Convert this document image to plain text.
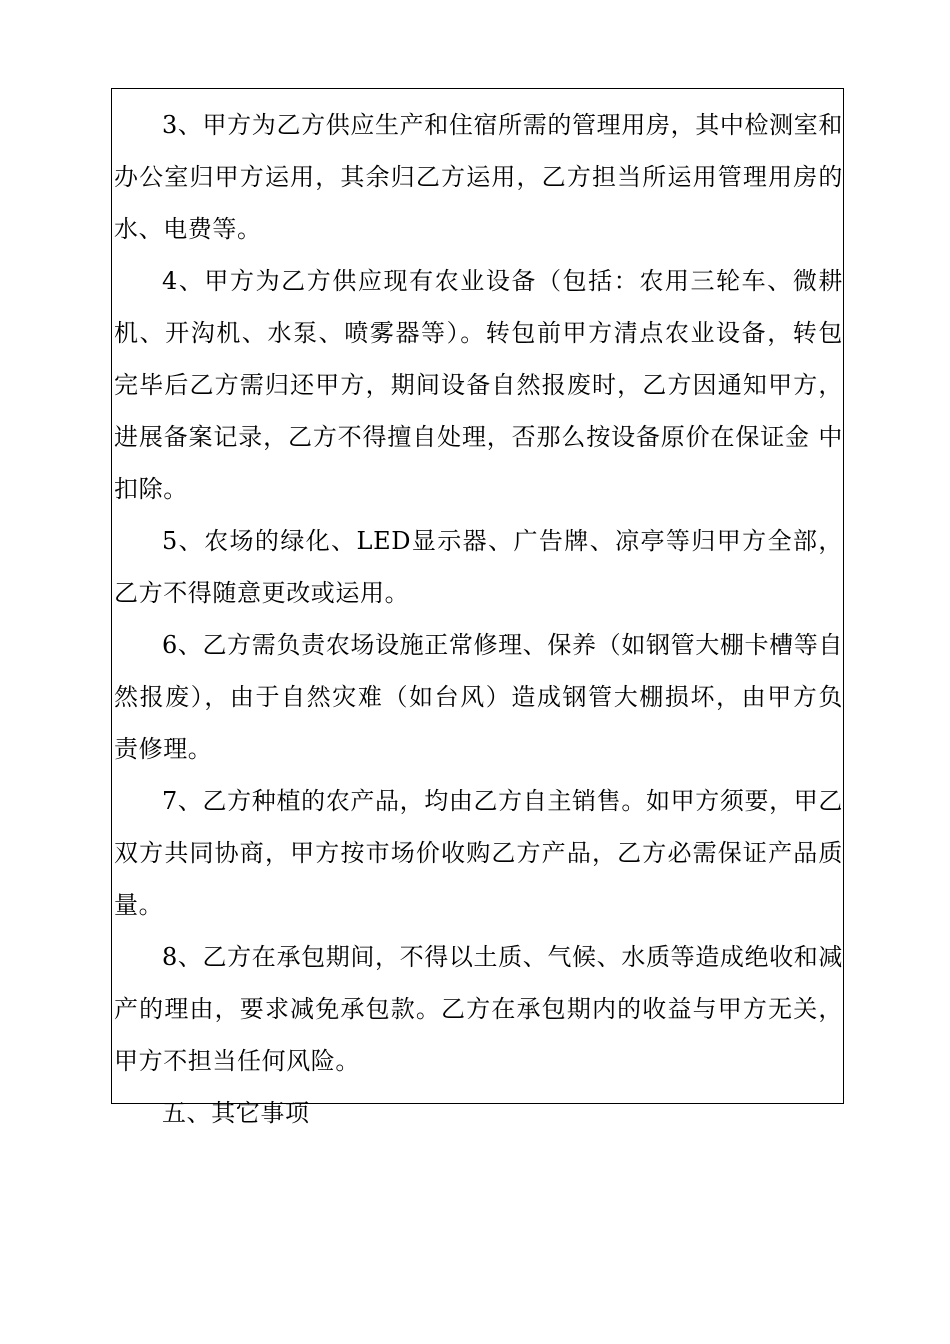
3、甲方为乙方供应生产和住宿所需的管理用房，其中检测室和办公室归甲方运用，其余归乙方运用，乙方担当所运用管理用房的水、电费等。

4、甲方为乙方供应现有农业设备（包括：农用三轮车、微耕机、开沟机、水泵、喷雾器等）。转包前甲方清点农业设备，转包 完毕后乙方需归还甲方，期间设备自然报废时，乙方因通知甲方， 进展备案记录，乙方不得擅自处理，否那么按设备原价在保证金 中扣除。

5、农场的绿化、LED显示器、广告牌、凉亭等归甲方全部，乙方不得随意更改或运用。

6、乙方需负责农场设施正常修理、保养（如钢管大棚卡槽等自然报废），由于自然灾难（如台风）造成钢管大棚损坏，由甲方负 责修理。

7、乙方种植的农产品，均由乙方自主销售。如甲方须要，甲乙双方共同协商，甲方按市场价收购乙方产品，乙方必需保证产品质量。

8、乙方在承包期间，不得以土质、气候、水质等造成绝收和减产的理由，要求减免承包款。乙方在承包期内的收益与甲方无关，甲方不担当任何风险。

五、其它事项
